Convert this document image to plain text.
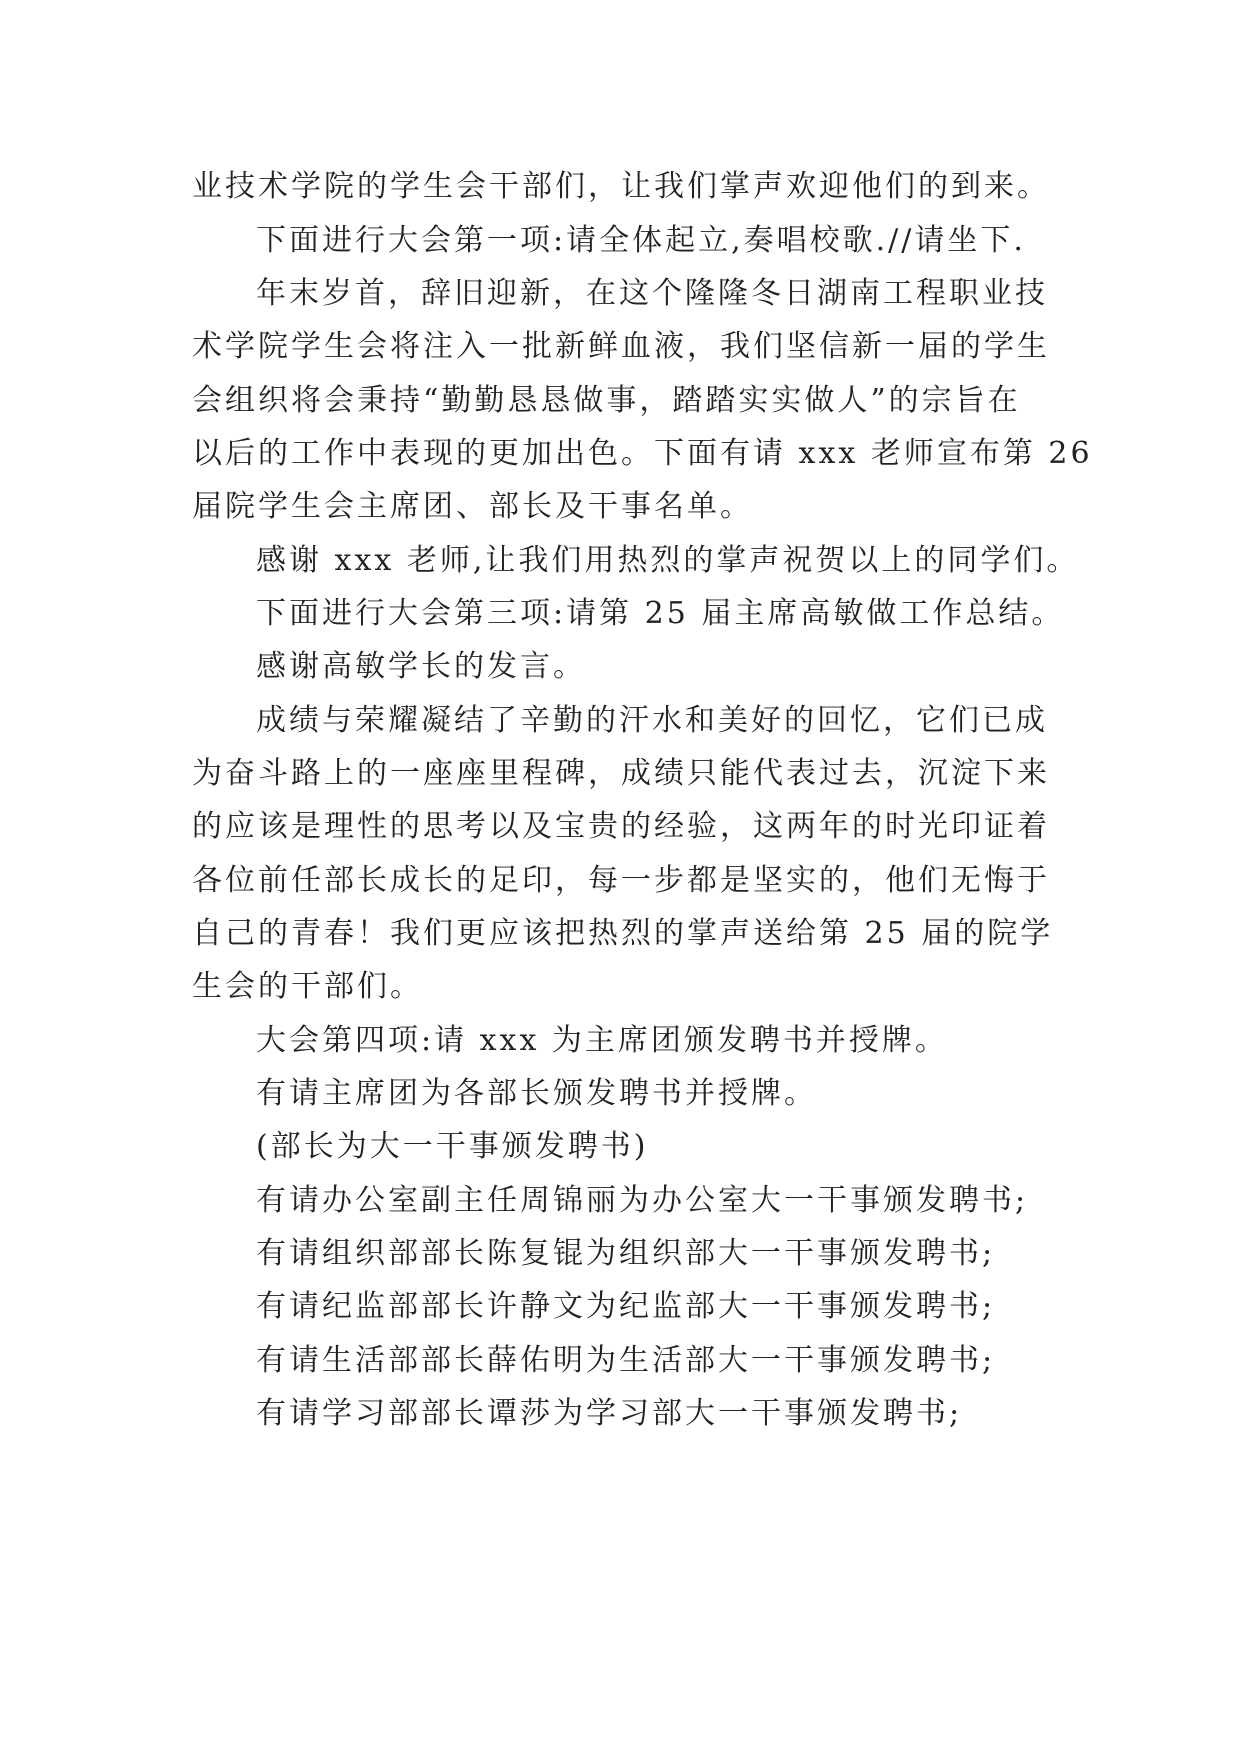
业技术学院的学生会干部们，让我们掌声欢迎他们的到来。
下面进行大会第一项:请全体起立,奏唱校歌.//请坐下.
年末岁首，辞旧迎新，在这个隆隆冬日湖南工程职业技
术学院学生会将注入一批新鲜血液，我们坚信新一届的学生
会组织将会秉持“勤勤恳恳做事，踏踏实实做人”的宗旨在
以后的工作中表现的更加出色。下面有请 xxx 老师宣布第 26
届院学生会主席团、部长及干事名单。
感谢 xxx 老师,让我们用热烈的掌声祝贺以上的同学们。
下面进行大会第三项:请第 25 届主席高敏做工作总结。
感谢高敏学长的发言。
成绩与荣耀凝结了辛勤的汗水和美好的回忆，它们已成
为奋斗路上的一座座里程碑，成绩只能代表过去，沉淀下来
的应该是理性的思考以及宝贵的经验，这两年的时光印证着
各位前任部长成长的足印，每一步都是坚实的，他们无悔于
自己的青春！我们更应该把热烈的掌声送给第 25 届的院学
生会的干部们。
大会第四项:请 xxx 为主席团颁发聘书并授牌。
有请主席团为各部长颁发聘书并授牌。
(部长为大一干事颁发聘书)
有请办公室副主任周锦丽为办公室大一干事颁发聘书;
有请组织部部长陈复锟为组织部大一干事颁发聘书;
有请纪监部部长许静文为纪监部大一干事颁发聘书;
有请生活部部长薛佑明为生活部大一干事颁发聘书;
有请学习部部长谭莎为学习部大一干事颁发聘书;
